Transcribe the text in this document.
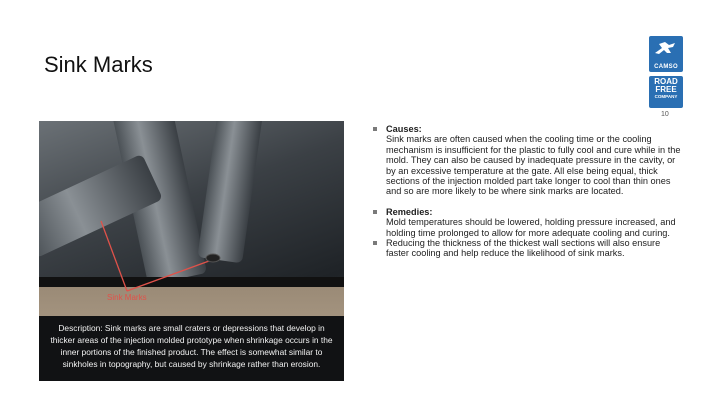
Sink Marks	CAMSO
ROAD
FREE
COMPANY
10
Sink Marks
Description: Sink marks are small craters or depressions that develop in thicker areas of the injection molded prototype when shrinkage occurs in the inner portions of the finished product. The effect is somewhat similar to sinkholes in topography, but caused by shrinkage rather than erosion.
Causes:
Sink marks are often caused when the cooling time or the cooling mechanism is insufficient for the plastic to fully cool and cure while in the mold. They can also be caused by inadequate pressure in the cavity, or by an excessive temperature at the gate. All else being equal, thick sections of the injection molded part take longer to cool than thin ones and so are more likely to be where sink marks are located.
Remedies:
Mold temperatures should be lowered, holding pressure increased, and holding time prolonged to allow for more adequate cooling and curing.
Reducing the thickness of the thickest wall sections will also ensure faster cooling and help reduce the likelihood of sink marks.
